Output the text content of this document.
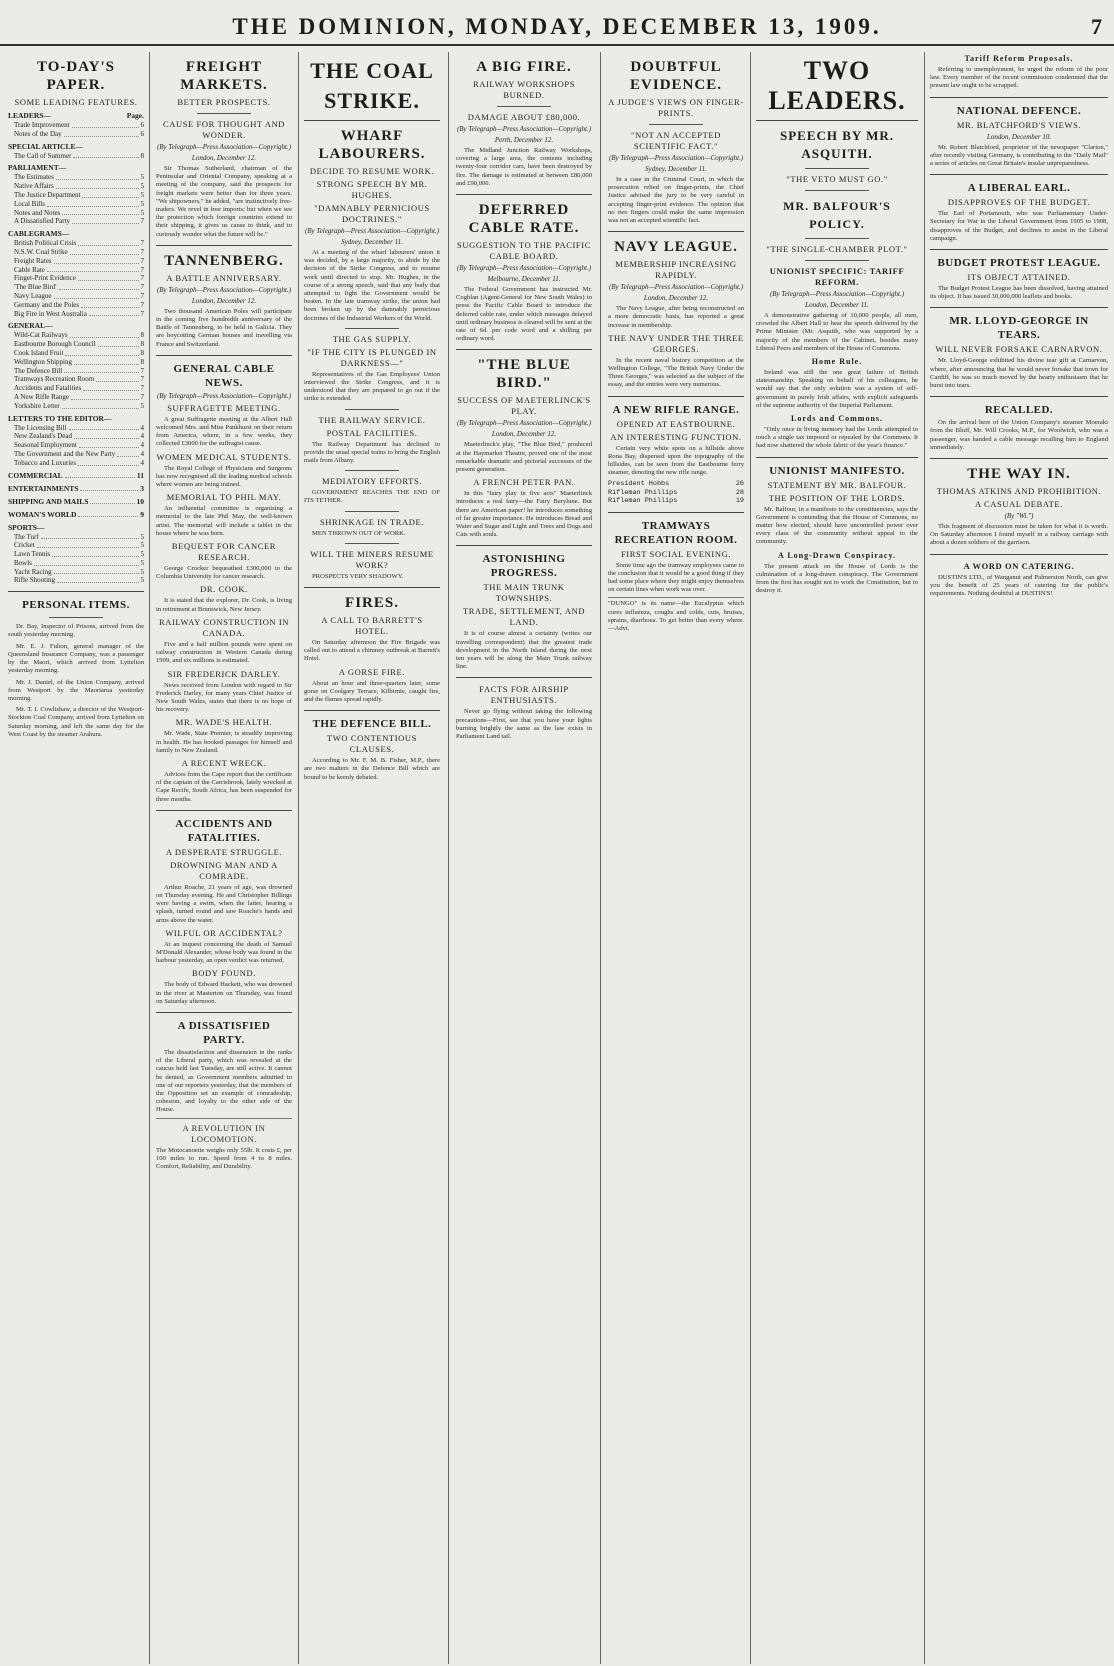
THE DOMINION, MONDAY, DECEMBER 13, 1909.	7
TO-DAY'S PAPER.
SOME LEADING FEATURES.
LEADERS—	Page.
Trade Improvement	6
Notes of the Day	6
SPECIAL ARTICLE—
The Call of Summer	8
PARLIAMENT—
The Estimates	5
Native Affairs	5
The Justice Department	5
Local Bills	5
Notes and Notes	5
A Dissatisfied Party	7
CABLEGRAMS—
British Political Crisis	7
N.S.W. Coal Strike	7
Freight Rates	7
Cable Rate	7
Finger-Print Evidence	7
'The Blue Bird'	7
Navy League	7
Germany and the Poles	7
Big Fire in West Australia	7
GENERAL—
Wild-Cat Railways	8
Eastbourne Borough Council	8
Cook Island Fruit	8
Wellington Shipping	8
The Defence Bill	7
Tramways Recreation Room	7
Accidents and Fatalities	7
A New Rifle Range	7
Yorkshire Letter	5
LETTERS TO THE EDITOR—
The Licensing Bill	4
New Zealand's Dead	4
Seasonal Employment	4
The Government and the New Party	4
Tobacco and Luxuries	4
COMMERCIAL	11
ENTERTAINMENTS	3
SHIPPING AND MAILS	10
WOMAN'S WORLD	9
SPORTS—
The Turf	5
Cricket	5
Lawn Tennis	5
Bowls	5
Yacht Racing	5
Rifle Shooting	5
PERSONAL ITEMS.
Dr. Bay, Inspector of Prisons, arrived from the south yesterday morning.
Mr. E. J. Fulton, general manager of the Queensland Insurance Company, was a passenger by the Maori, which arrived from Lyttelton yesterday morning.
Mr. J. Daniel, of the Union Company, arrived from Westport by the Maoriarua yesterday morning.
Mr. T. I. Cowlishaw, a director of the Westport-Stockton Coal Company, arrived from Lyttelton on Saturday morning, and left the same day for the West Coast by the steamer Arahura.
FREIGHT MARKETS.
BETTER PROSPECTS.
CAUSE FOR THOUGHT AND WONDER.
(By Telegraph—Press Association—Copyright.)
London, December 12.
Sir Thomas Sutherland, chairman of the Peninsular and Oriental Company, speaking at a meeting of the company, said the prospects for freight markets were better than for three years. "We shipowners," he added, "are instinctively free-traders. We revel in free imports; but when we see the protection which foreign countries extend to their shipping, it gives us cause to think, and to curiously wonder what the future will be."
TANNENBERG.
A BATTLE ANNIVERSARY.
(By Telegraph—Press Association—Copyright.)
London, December 12.
Two thousand American Poles will participate in the coming five hundredth anniversary of the Battle of Tannenberg, to be held in Galicia. They are boycotting German houses and travelling via France and Switzerland.
GENERAL CABLE NEWS.
(By Telegraph—Press Association—Copyright.)
SUFFRAGETTE MEETING.
A great Suffragette meeting at the Albert Hall welcomed Mrs. and Miss Pankhurst on their return from America, where, in a few weeks, they collected £3000 for the suffragist cause.
WOMEN MEDICAL STUDENTS.
The Royal College of Physicians and Surgeons has now recognised all the leading medical schools where women are being trained.
MEMORIAL TO PHIL MAY.
An influential committee is organising a memorial to the late Phil May, the well-known artist. The memorial will include a tablet in the house where he was born.
BEQUEST FOR CANCER RESEARCH.
George Crocker bequeathed £300,000 to the Columbia University for cancer research.
DR. COOK.
It is stated that the explorer, Dr. Cook, is living in retirement at Brunswick, New Jersey.
RAILWAY CONSTRUCTION IN CANADA.
Five and a half million pounds were spent on railway construction in Western Canada during 1909, and six millions is estimated.
SIR FREDERICK DARLEY.
News received from London with regard to Sir Frederick Darley, for many years Chief Justice of New South Wales, states that there is no hope of his recovery.
MR. WADE'S HEALTH.
Mr. Wade, State Premier, is steadily improving in health. He has booked passages for himself and family to New Zealand.
A RECENT WRECK.
Advices from the Cape report that the certificate of the captain of the Carrisbrook, lately wrecked at Cape Recife, South Africa, has been suspended for three months.
ACCIDENTS AND FATALITIES.
A DESPERATE STRUGGLE.
DROWNING MAN AND A COMRADE.
Arthur Roache, 21 years of age, was drowned on Thursday evening. He and Christopher Billings were having a swim, when the latter, hearing a splash, turned round and saw Roache's hands and arms above the water.
WILFUL OR ACCIDENTAL?
At an inquest concerning the death of Samuel M'Donald Alexander, whose body was found in the harbour yesterday, an open verdict was returned.
BODY FOUND.
The body of Edward Hackett, who was drowned in the river at Masterton on Thursday, was found on Saturday afternoon.
A DISSATISFIED PARTY.
The dissatisfaction and dissension in the ranks of the Liberal party, which was revealed at the caucus held last Tuesday, are still active. It cannot be denied, as Government members admitted to one of our reporters yesterday, that the members of the Opposition set an example of comradeship, cohesion, and loyalty to the other side of the House.
A REVOLUTION IN LOCOMOTION.
The Motocanoette weighs only 55lb. It costs £, per 100 miles to run. Speed from 4 to 8 miles. Comfort, Reliability, and Durability.
THE COAL STRIKE.
WHARF LABOURERS.
DECIDE TO RESUME WORK.
STRONG SPEECH BY MR. HUGHES.
"DAMNABLY PERNICIOUS DOCTRINES."
(By Telegraph—Press Association—Copyright.)
Sydney, December 11.
At a meeting of the wharf labourers' union it was decided, by a large majority, to abide by the decision of the Strike Congress, and to resume work until directed to stop. Mr. Hughes, in the course of a strong speech, said that any body that attempted to fight the Government would be beaten. In the late tramway strike, the union had been broken up by the damnably pernicious doctrines of the Industrial Workers of the World.
THE GAS SUPPLY.
"IF THE CITY IS PLUNGED IN DARKNESS—"
Representatives of the Gas Employees' Union interviewed the Strike Congress, and it is understood that they are prepared to go out if the strike is extended.
THE RAILWAY SERVICE.
POSTAL FACILITIES.
The Railway Department has declined to provide the usual special trains to bring the English mails from Albany.
MEDIATORY EFFORTS.
GOVERNMENT REACHES THE END OF ITS TETHER.
SHRINKAGE IN TRADE.
MEN THROWN OUT OF WORK.
WILL THE MINERS RESUME WORK?
PROSPECTS VERY SHADOWY.
FIRES.
A CALL TO BARRETT'S HOTEL.
On Saturday afternoon the Fire Brigade was called out to attend a chimney outbreak at Barrett's Hotel.
A GORSE FIRE.
About an hour and three-quarters later, some gorse on Coolgary Terrace, Kilbirnie, caught fire, and the flames spread rapidly.
THE DEFENCE BILL.
TWO CONTENTIOUS CLAUSES.
According to Mr. F. M. B. Fisher, M.P., there are two matters in the Defence Bill which are bound to be keenly debated.
A BIG FIRE.
RAILWAY WORKSHOPS BURNED.
DAMAGE ABOUT £80,000.
(By Telegraph—Press Association—Copyright.)
Perth, December 12.
The Midland Junction Railway Workshops, covering a large area, the contents including twenty-four corridor cars, have been destroyed by fire. The damage is estimated at between £80,000 and £90,000.
DEFERRED CABLE RATE.
SUGGESTION TO THE PACIFIC CABLE BOARD.
(By Telegraph—Press Association—Copyright.)
Melbourne, December 11.
The Federal Government has instructed Mr. Coghlan (Agent-General for New South Wales) to press the Pacific Cable Board to introduce the deferred cable rate, under which messages delayed until ordinary business is cleared will be sent at the rate of 6d. per code word and a shilling per ordinary word.
"THE BLUE BIRD."
SUCCESS OF MAETERLINCK'S PLAY.
(By Telegraph—Press Association—Copyright.)
London, December 12.
Maeterlinck's play, "The Blue Bird," produced at the Haymarket Theatre, proved one of the most remarkable dramatic and pictorial successes of the present generation.
A FRENCH PETER PAN.
In this "fairy play in five acts" Maeterlinck introduces a real fairy—the Fairy Berylune. But there are American paper! he introduces something of far greater importance. He introduces Bread and Water and Sugar and Light and Trees and Dogs and Cats with souls.
ASTONISHING PROGRESS.
THE MAIN TRUNK TOWNSHIPS.
TRADE, SETTLEMENT, AND LAND.
It is of course almost a certainty (writes our travelling correspondent) that the greatest trade development in the North Island during the next ten years will be along the Main Trunk railway line.
FACTS FOR AIRSHIP ENTHUSIASTS.
Never go flying without taking the following precautions—First, see that you have your lights burning brightly the same as the law exists in Parliament Land tail.
DOUBTFUL EVIDENCE.
A JUDGE'S VIEWS ON FINGER-PRINTS.
"NOT AN ACCEPTED SCIENTIFIC FACT."
(By Telegraph—Press Association—Copyright.)
Sydney, December 11.
In a case in the Criminal Court, in which the prosecution relied on finger-prints, the Chief Justice advised the jury to be very careful in accepting finger-print evidence. The opinion that no two fingers could make the same impression was not an accepted scientific fact.
NAVY LEAGUE.
MEMBERSHIP INCREASING RAPIDLY.
(By Telegraph—Press Association—Copyright.)
London, December 12.
The Navy League, after being reconstructed on a more democratic basis, has reported a great increase in membership.
THE NAVY UNDER THE THREE GEORGES.
In the recent naval history competition at the Wellington College, "The British Navy Under the Three Georges," was selected as the subject of the essay, and the entries were very numerous.
A NEW RIFLE RANGE.
OPENED AT EASTBOURNE.
AN INTERESTING FUNCTION.
Certain very white spots on a hillside above Rona Bay, dispersed upon the topography of the hillsides, can be seen from the Eastbourne ferry steamer, denoting the new rifle range.
President Hobbs	26
Rifleman Phillips	28
Rifleman Phillips	19
TRAMWAYS RECREATION ROOM.
FIRST SOCIAL EVENING.
Some time ago the tramway employees came to the conclusion that it would be a good thing if they had some place where they might enjoy themselves on certain lines when work was over.
"DUNGO" is its name—the Eucalyptus which cures influenza, coughs and colds, cuts, bruises, sprains, diarrhoea. To get better than every where.—Advt.
TWO LEADERS.
SPEECH BY MR. ASQUITH.
"THE VETO MUST GO."
MR. BALFOUR'S POLICY.
"THE SINGLE-CHAMBER PLOT."
UNIONIST SPECIFIC: TARIFF REFORM.
(By Telegraph—Press Association—Copyright.)
London, December 11.
A demonstrative gathering of 10,000 people, all men, crowded the Albert Hall to hear the speech delivered by the Prime Minister (Mr. Asquith, who was supported by a majority of the members of the Cabinet, besides many Liberal Peers and members of the House of Commons.
Home Rule.
Ireland was still the one great failure of British statesmanship. Speaking on behalf of his colleagues, he would say that the only solution was a system of self-government in purely Irish affairs, with explicit safeguards of the supreme authority of the Imperial Parliament.
Lords and Commons.
"Only once in living memory had the Lords attempted to touch a single tax imposed or repealed by the Commons. It had now shattered the whole fabric of the year's finance."
UNIONIST MANIFESTO.
STATEMENT BY MR. BALFOUR.
THE POSITION OF THE LORDS.
Mr. Balfour, in a manifesto to the constituencies, says the Government is contending that the House of Commons, no matter how elected, should have uncontrolled power over every class of the community without appeal to the community.
A Long-Drawn Conspiracy.
The present attack on the House of Lords is the culmination of a long-drawn conspiracy. The Government from the first has sought not to work the Constitution, but to destroy it.
Tariff Reform Proposals.
Referring to unemployment, he urged the reform of the poor law. Every member of the recent commission condemned that the present law ought to be scrapped.
NATIONAL DEFENCE.
MR. BLATCHFORD'S VIEWS.
London, December 10.
Mr. Robert Blatchford, proprietor of the newspaper "Clarion," after recently visiting Germany, is contributing to the "Daily Mail" a series of articles on Great Britain's insular unpreparedness.
A LIBERAL EARL.
DISAPPROVES OF THE BUDGET.
The Earl of Portsmouth, who was Parliamentary Under-Secretary for War in the Liberal Government from 1905 to 1908, disapproves of the Budget, and declines to assist in the Liberal campaign.
BUDGET PROTEST LEAGUE.
ITS OBJECT ATTAINED.
The Budget Protest League has been dissolved, having attained its object. It has issued 30,000,000 leaflets and books.
MR. LLOYD-GEORGE IN TEARS.
WILL NEVER FORSAKE CARNARVON.
Mr. Lloyd-George exhibited his divine tear gift at Carnarvon, where, after announcing that he would never forsake that town for Cardiff, he was so much moved by the hearty enthusiasm that he burst into tears.
RECALLED.
On the arrival here of the Union Company's steamer Moeraki from the Bluff, Mr. Will Crooks, M.P., for Woolwich, who was a passenger, was handed a cable message recalling him to England immediately.
THE WAY IN.
THOMAS ATKINS AND PROHIBITION.
A CASUAL DEBATE.
(By "Wi.")
This fragment of discussion must be taken for what it is worth. On Saturday afternoon I found myself in a railway carriage with about a dozen soldiers of the garrison.
A WORD ON CATERING.
DUSTIN'S LTD., of Wanganui and Palmerston North, can give you the benefit of 25 years of catering for the public's requirements. Nothing doubtful at DUSTIN'S!
